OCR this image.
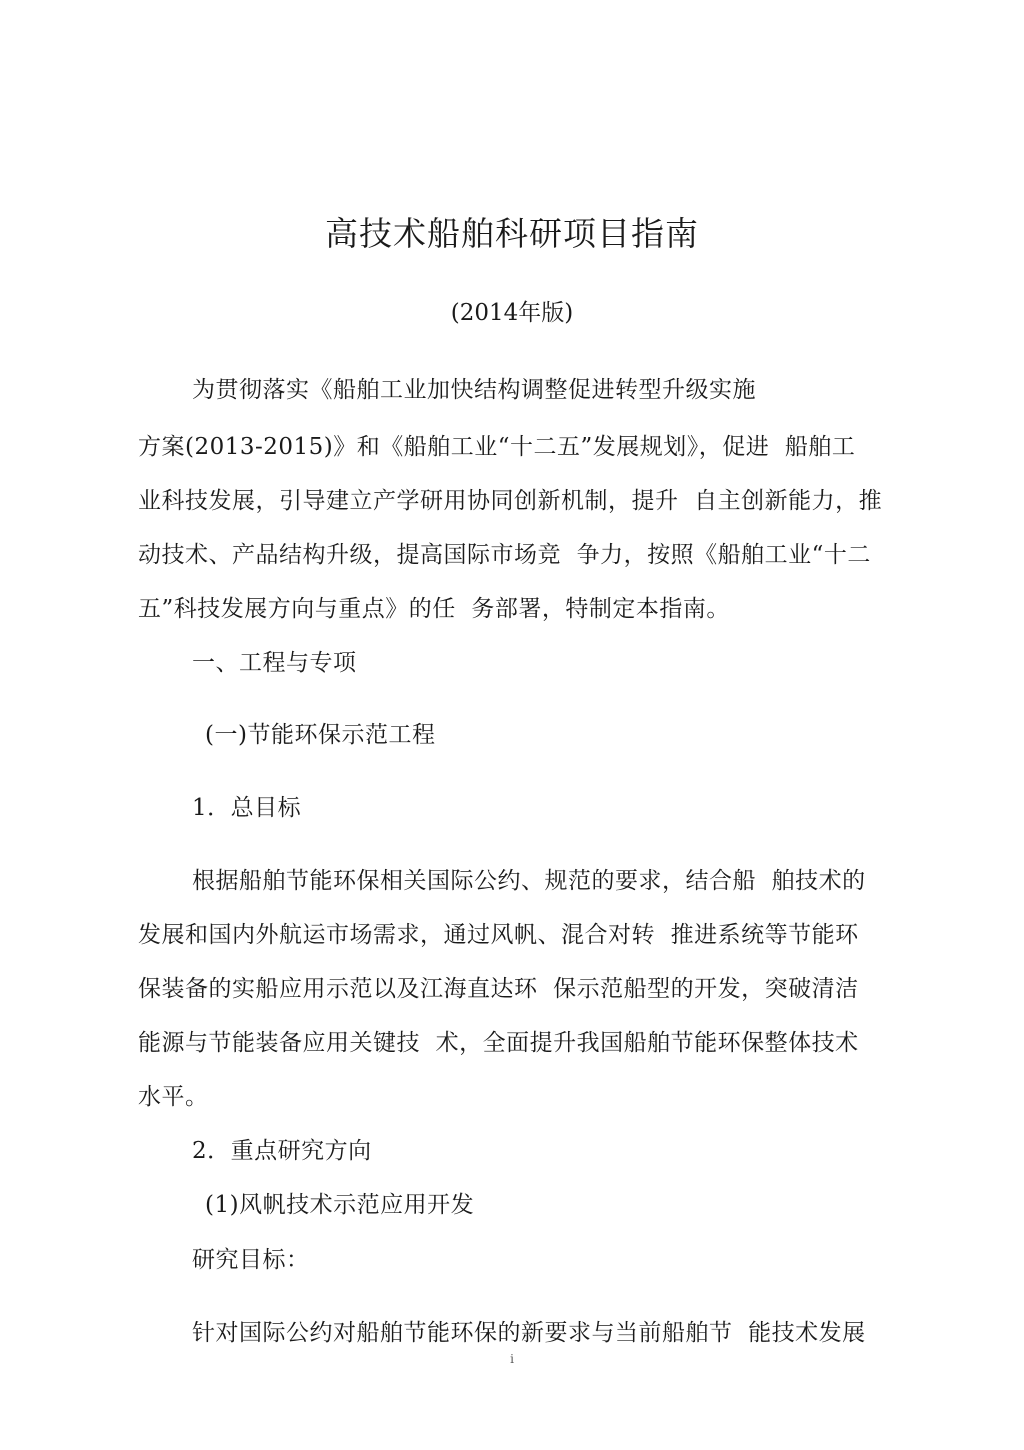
高技术船舶科研项目指南
(2014年版)
为贯彻落实《船舶工业加快结构调整促进转型升级实施
方案(2013-2015)》和《船舶工业“十二五”发展规划》，促进  船舶工
业科技发展，引导建立产学研用协同创新机制，提升  自主创新能力，推
动技术、产品结构升级，提高国际市场竞  争力，按照《船舶工业“十二
五”科技发展方向与重点》的任  务部署，特制定本指南。
一、工程与专项
(一)节能环保示范工程
1．总目标
根据船舶节能环保相关国际公约、规范的要求，结合船  舶技术的
发展和国内外航运市场需求，通过风帆、混合对转  推进系统等节能环
保装备的实船应用示范以及江海直达环  保示范船型的开发，突破清洁
能源与节能装备应用关键技  术，全面提升我国船舶节能环保整体技术
水平。
2．重点研究方向
(1)风帆技术示范应用开发
研究目标：
针对国际公约对船舶节能环保的新要求与当前船舶节  能技术发展
i
